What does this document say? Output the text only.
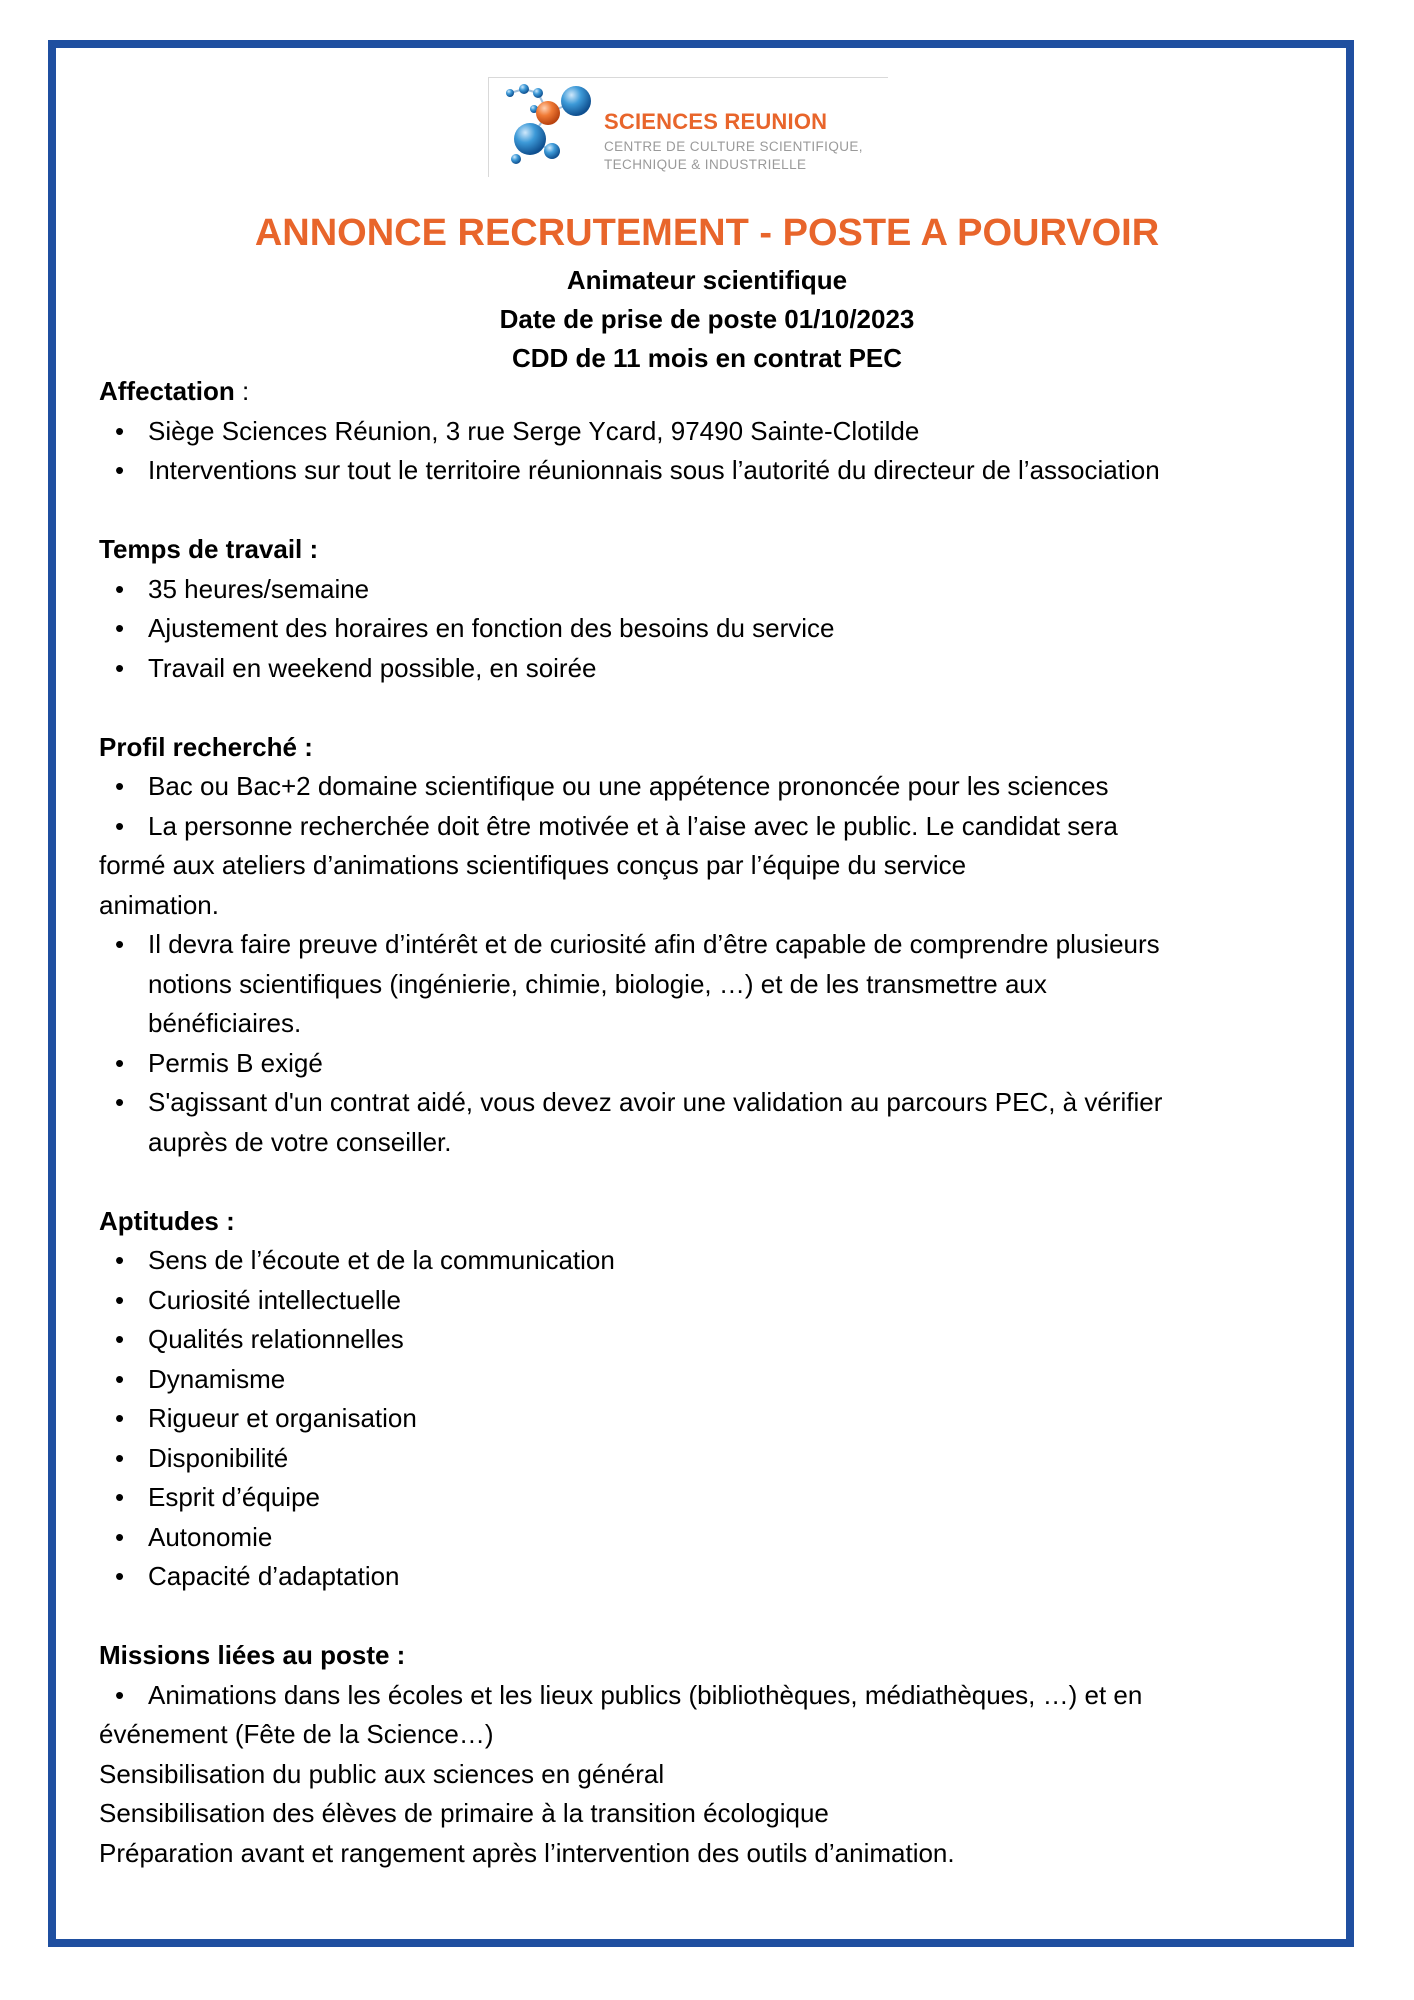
SCIENCES REUNION
CENTRE DE CULTURE SCIENTIFIQUE,
TECHNIQUE & INDUSTRIELLE
ANNONCE RECRUTEMENT - POSTE A POURVOIR
Animateur scientifique
Date de prise de poste 01/10/2023
CDD de 11 mois en contrat PEC
Affectation :
• Siège Sciences Réunion, 3 rue Serge Ycard, 97490 Sainte-Clotilde
• Interventions sur tout le territoire réunionnais sous l’autorité du directeur de l’association
Temps de travail :
• 35 heures/semaine
• Ajustement des horaires en fonction des besoins du service
• Travail en weekend possible, en soirée
Profil recherché :
• Bac ou Bac+2 domaine scientifique ou une appétence prononcée pour les sciences
• La personne recherchée doit être motivée et à l’aise avec le public. Le candidat sera
formé aux ateliers d’animations scientifiques conçus par l’équipe du service
animation.
• Il devra faire preuve d’intérêt et de curiosité afin d’être capable de comprendre plusieurs
notions scientifiques (ingénierie, chimie, biologie, …) et de les transmettre aux
bénéficiaires.
• Permis B exigé
• S'agissant d'un contrat aidé, vous devez avoir une validation au parcours PEC, à vérifier
auprès de votre conseiller.
Aptitudes :
• Sens de l’écoute et de la communication
• Curiosité intellectuelle
• Qualités relationnelles
• Dynamisme
• Rigueur et organisation
• Disponibilité
• Esprit d’équipe
• Autonomie
• Capacité d’adaptation
Missions liées au poste :
• Animations dans les écoles et les lieux publics (bibliothèques, médiathèques, …) et en
événement (Fête de la Science…)
Sensibilisation du public aux sciences en général
Sensibilisation des élèves de primaire à la transition écologique
Préparation avant et rangement après l’intervention des outils d’animation.
